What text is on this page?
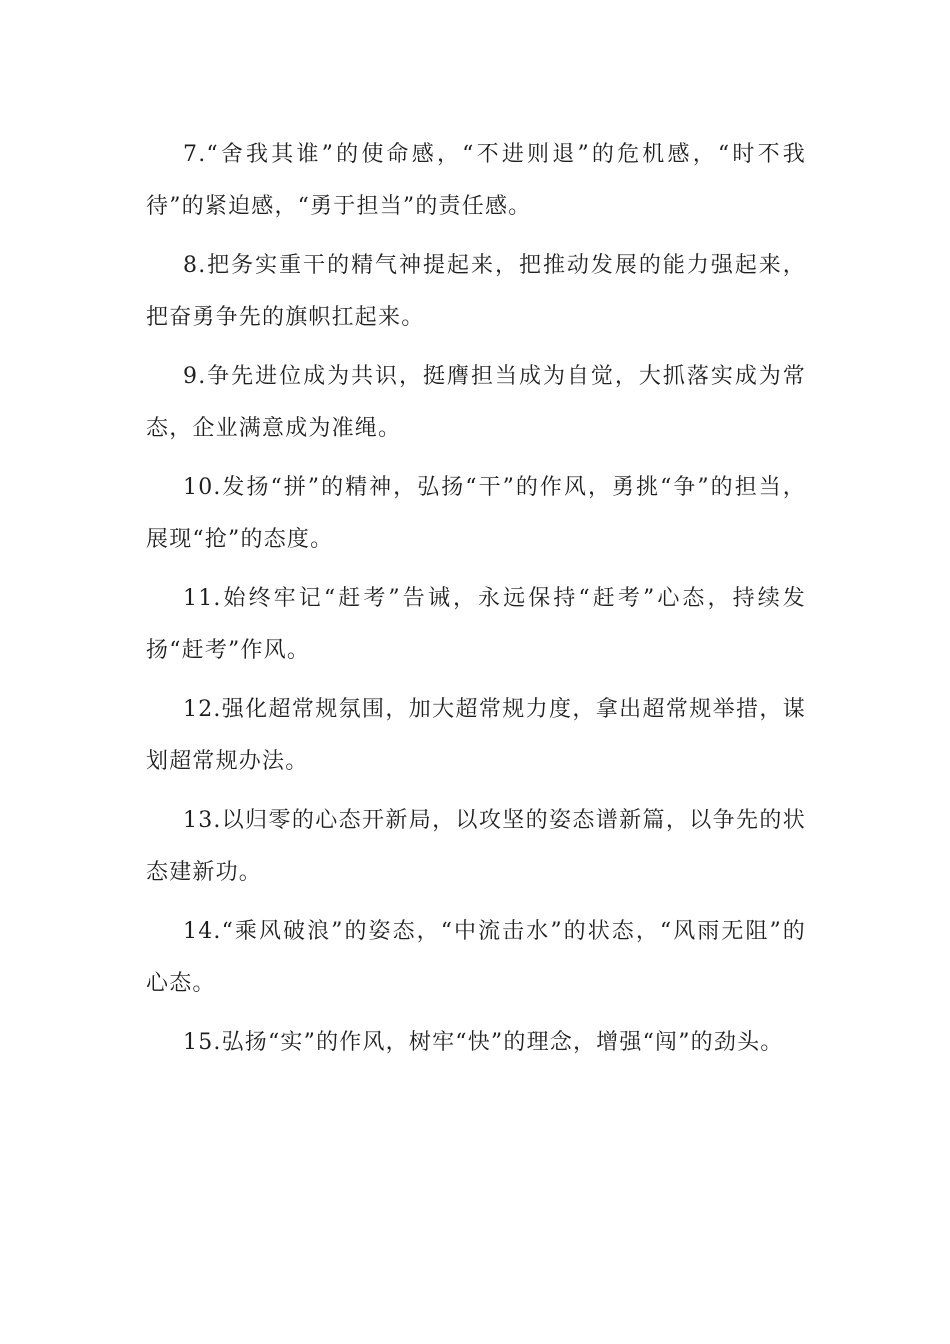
7.“舍我其谁”的使命感，“不进则退”的危机感，“时不我待”的紧迫感，“勇于担当”的责任感。

8.把务实重干的精气神提起来，把推动发展的能力强起来，把奋勇争先的旗帜扛起来。

9.争先进位成为共识，挺膺担当成为自觉，大抓落实成为常态，企业满意成为准绳。

10.发扬“拼”的精神，弘扬“干”的作风，勇挑“争”的担当，展现“抢”的态度。

11.始终牢记“赶考”告诫，永远保持“赶考”心态，持续发扬“赶考”作风。

12.强化超常规氛围，加大超常规力度，拿出超常规举措，谋划超常规办法。

13.以归零的心态开新局，以攻坚的姿态谱新篇，以争先的状态建新功。

14.“乘风破浪”的姿态，“中流击水”的状态，“风雨无阻”的心态。

15.弘扬“实”的作风，树牢“快”的理念，增强“闯”的劲头。
